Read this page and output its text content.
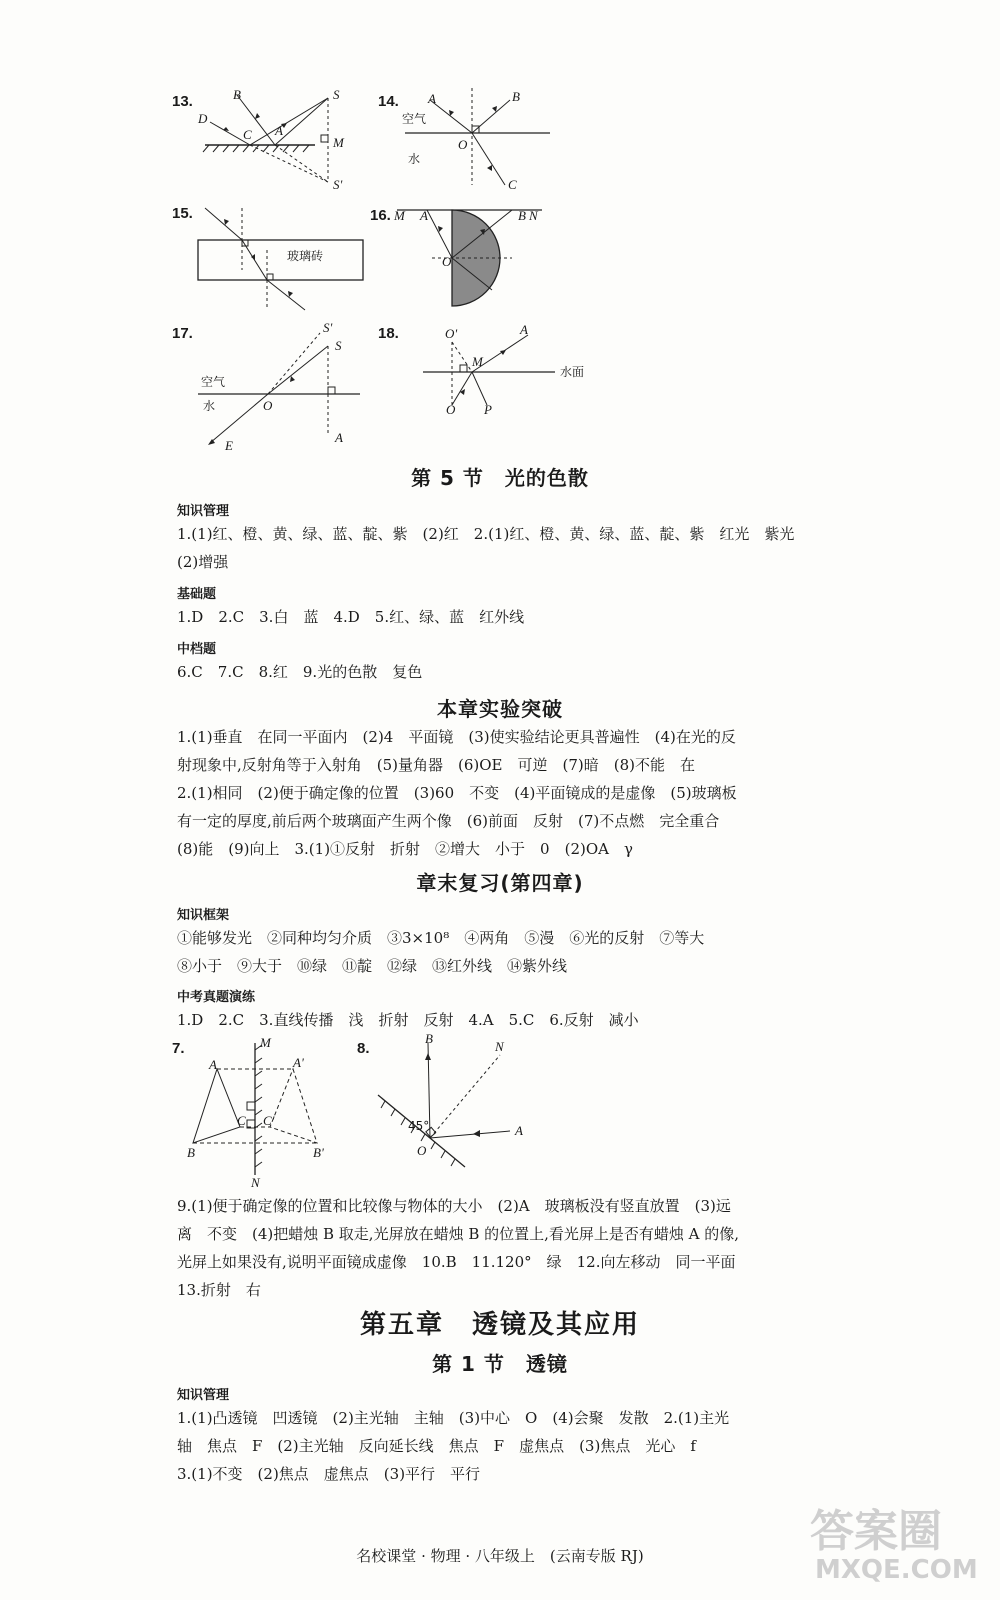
13.	B	S
D
C A
M
S'
14. A	B
空气
O
水
C
15.
玻璃砖
16. M A	B N
O
17.	S'
S
空气
水	O
E
A
18.	O'	A
M
水面
O P
第 5 节　光的色散
知识管理
1.(1)红、橙、黄、绿、蓝、靛、紫　(2)红　2.(1)红、橙、黄、绿、蓝、靛、紫　红光　紫光
(2)增强
基础题
1.D　2.C　3.白　蓝　4.D　5.红、绿、蓝　红外线
中档题
6.C　7.C　8.红　9.光的色散　复色
本章实验突破
1.(1)垂直　在同一平面内　(2)4　平面镜　(3)使实验结论更具普遍性　(4)在光的反
射现象中,反射角等于入射角　(5)量角器　(6)OE　可逆　(7)暗　(8)不能　在
2.(1)相同　(2)便于确定像的位置　(3)60　不变　(4)平面镜成的是虚像　(5)玻璃板
有一定的厚度,前后两个玻璃面产生两个像　(6)前面　反射　(7)不点燃　完全重合
(8)能　(9)向上　3.(1)①反射　折射　②增大　小于　0　(2)OA　γ
章末复习(第四章)
知识框架
①能够发光　②同种均匀介质　③3×10⁸　④两角　⑤漫　⑥光的反射　⑦等大
⑧小于　⑨大于　⑩绿　⑪靛　⑫绿　⑬红外线　⑭紫外线
中考真题演练
1.D　2.C　3.直线传播　浅　折射　反射　4.A　5.C　6.反射　减小
7.	M
A	A'
C C'
B	B'
N
8.
B
N
45°
O
A
9.(1)便于确定像的位置和比较像与物体的大小　(2)A　玻璃板没有竖直放置　(3)远
离　不变　(4)把蜡烛 B 取走,光屏放在蜡烛 B 的位置上,看光屏上是否有蜡烛 A 的像,
光屏上如果没有,说明平面镜成虚像　10.B　11.120°　绿　12.向左移动　同一平面
13.折射　右
第五章　透镜及其应用
第 1 节　透镜
知识管理
1.(1)凸透镜　凹透镜　(2)主光轴　主轴　(3)中心　O　(4)会聚　发散　2.(1)主光
轴　焦点　F　(2)主光轴　反向延长线　焦点　F　虚焦点　(3)焦点　光心　f
3.(1)不变　(2)焦点　虚焦点　(3)平行　平行
名校课堂 · 物理 · 八年级上　(云南专版 RJ)	答案圈
MXQE.COM
